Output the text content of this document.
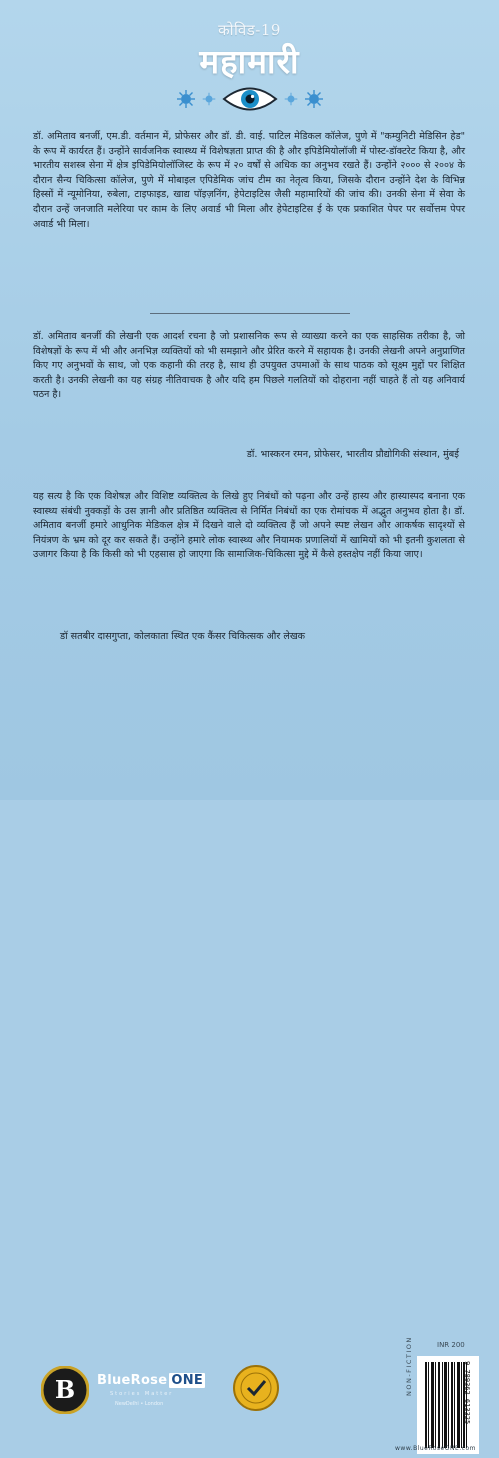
कोविड-19
महामारी

डॉ. अमिताव बनर्जी, एम.डी. वर्तमान में, प्रोफेसर और डॉ. डी. वाई. पाटिल मेडिकल कॉलेज, पुणे में "कम्युनिटी मेडिसिन हेड" के रूप में कार्यरत हैं। उन्होंने सार्वजनिक स्वास्थ्य में विशेषज्ञता प्राप्त की है और इपिडेमियोलॉजी में पोस्ट-डॉक्टरेट किया है, और भारतीय सशस्त्र सेना में क्षेत्र इपिडेमियोलॉजिस्ट के रूप में २० वर्षों से अधिक का अनुभव रखते हैं। उन्होंने २००० से २००४ के दौरान सैन्य चिकित्सा कॉलेज, पुणे में मोबाइल एपिडेमिक जांच टीम का नेतृत्व किया, जिसके दौरान उन्होंने देश के विभिन्न हिस्सों में न्यूमोनिया, रुबेला, टाइफाइड, खाद्य पॉइज़निंग, हेपेटाइटिस जैसी महामारियों की जांच की। उनकी सेना में सेवा के दौरान उन्हें जनजाति मलेरिया पर काम के लिए अवार्ड भी मिला और हेपेटाइटिस ई के एक प्रकाशित पेपर पर सर्वोत्तम पेपर अवार्ड भी मिला।

डॉ. अमिताव बनर्जी की लेखनी एक आदर्श रचना है जो प्रशासनिक रूप से व्याख्या करने का एक साहसिक तरीका है, जो विशेषज्ञों के रूप में भी और अनभिज्ञ व्यक्तियों को भी समझाने और प्रेरित करने में सहायक है। उनकी लेखनी अपने अनुप्राणित किए गए अनुभवों के साथ, जो एक कहानी की तरह है, साथ ही उपयुक्त उपमाओं के साथ पाठक को सूक्ष्म मुद्दों पर शिक्षित करती है। उनकी लेखनी का यह संग्रह नीतिवाचक है और यदि हम पिछले गलतियों को दोहराना नहीं चाहते हैं तो यह अनिवार्य पठन है।

डॉ. भास्करन रमन, प्रोफेसर, भारतीय प्रौद्योगिकी संस्थान, मुंबई

यह सत्य है कि एक विशेषज्ञ और विशिष्ट व्यक्तित्व के लिखे हुए निबंधों को पढ़ना और उन्हें हास्य और हास्यास्पद बनाना एक स्वास्थ्य संबंधी नुक्कड़ों के उस ज्ञानी और प्रतिष्ठित व्यक्तित्व से निर्मित निबंधों का एक रोमांचक में अद्भुत अनुभव होता है। डॉ. अमिताव बनर्जी हमारे आधुनिक मेडिकल क्षेत्र में दिखने वाले दो व्यक्तित्व हैं जो अपने स्पष्ट लेखन और आकर्षक सादृश्यों से नियंत्रण के भ्रम को दूर कर सकते हैं। उन्होंने हमारे लोक स्वास्थ्य और नियामक प्रणालियों में खामियों को भी इतनी कुशलता से उजागर किया है कि किसी को भी एहसास हो जाएगा कि सामाजिक-चिकित्सा मुद्दे में कैसे हस्तक्षेप नहीं किया जाए।

डॉ सतबीर दासगुप्ता, कोलकाता स्थित एक कैंसर चिकित्सक और लेखक
INR 200
B BlueRose ONE
Stories Matter
NewDelhi • London	9 789362 613325
NON-FICTION
www.BlueRoseONE.com
